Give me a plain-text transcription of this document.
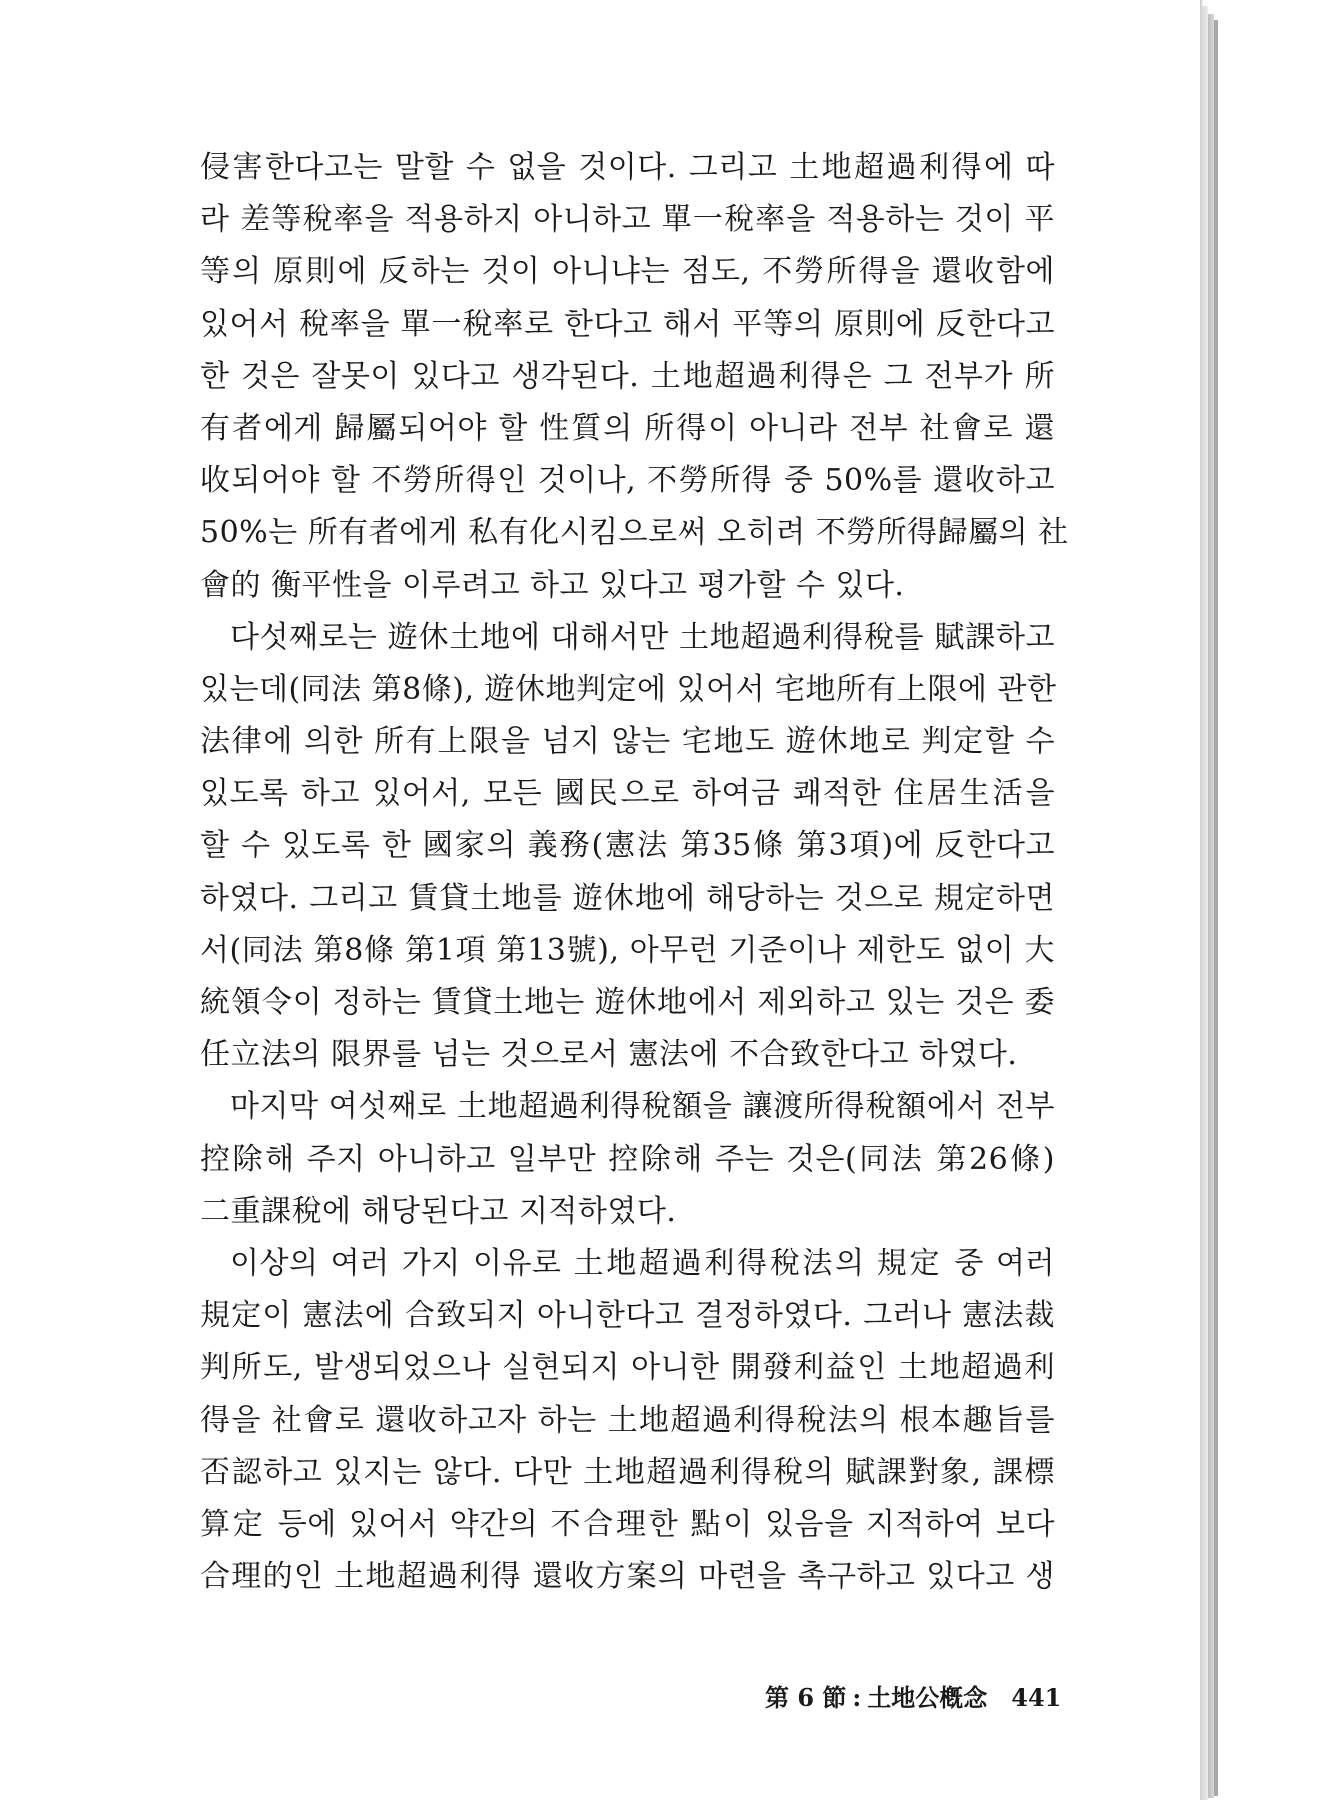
侵害한다고는 말할 수 없을 것이다. 그리고 土地超過利得에 따
라 差等稅率을 적용하지 아니하고 單一稅率을 적용하는 것이 平
等의 原則에 反하는 것이 아니냐는 점도, 不勞所得을 還收함에
있어서 稅率을 單一稅率로 한다고 해서 平等의 原則에 反한다고
한 것은 잘못이 있다고 생각된다. 土地超過利得은 그 전부가 所
有者에게 歸屬되어야 할 性質의 所得이 아니라 전부 社會로 還
收되어야 할 不勞所得인 것이나, 不勞所得 중 50%를 還收하고
50%는 所有者에게 私有化시킴으로써 오히려 不勞所得歸屬의 社
會的 衡平性을 이루려고 하고 있다고 평가할 수 있다.
다섯째로는 遊休土地에 대해서만 土地超過利得稅를 賦課하고
있는데(同法 第8條), 遊休地判定에 있어서 宅地所有上限에 관한
法律에 의한 所有上限을 넘지 않는 宅地도 遊休地로 判定할 수
있도록 하고 있어서, 모든 國民으로 하여금 쾌적한 住居生活을
할 수 있도록 한 國家의 義務(憲法 第35條 第3項)에 反한다고
하였다. 그리고 賃貸土地를 遊休地에 해당하는 것으로 規定하면
서(同法 第8條 第1項 第13號), 아무런 기준이나 제한도 없이 大
統領令이 정하는 賃貸土地는 遊休地에서 제외하고 있는 것은 委
任立法의 限界를 넘는 것으로서 憲法에 不合致한다고 하였다.
마지막 여섯째로 土地超過利得稅額을 讓渡所得稅額에서 전부
控除해 주지 아니하고 일부만 控除해 주는 것은(同法 第26條)
二重課稅에 해당된다고 지적하였다.
이상의 여러 가지 이유로 土地超過利得稅法의 規定 중 여러
規定이 憲法에 合致되지 아니한다고 결정하였다. 그러나 憲法裁
判所도, 발생되었으나 실현되지 아니한 開發利益인 土地超過利
得을 社會로 還收하고자 하는 土地超過利得稅法의 根本趣旨를
否認하고 있지는 않다. 다만 土地超過利得稅의 賦課對象, 課標
算定 등에 있어서 약간의 不合理한 點이 있음을 지적하여 보다
合理的인 土地超過利得 還收方案의 마련을 촉구하고 있다고 생
第 6 節 : 土地公槪念 441
